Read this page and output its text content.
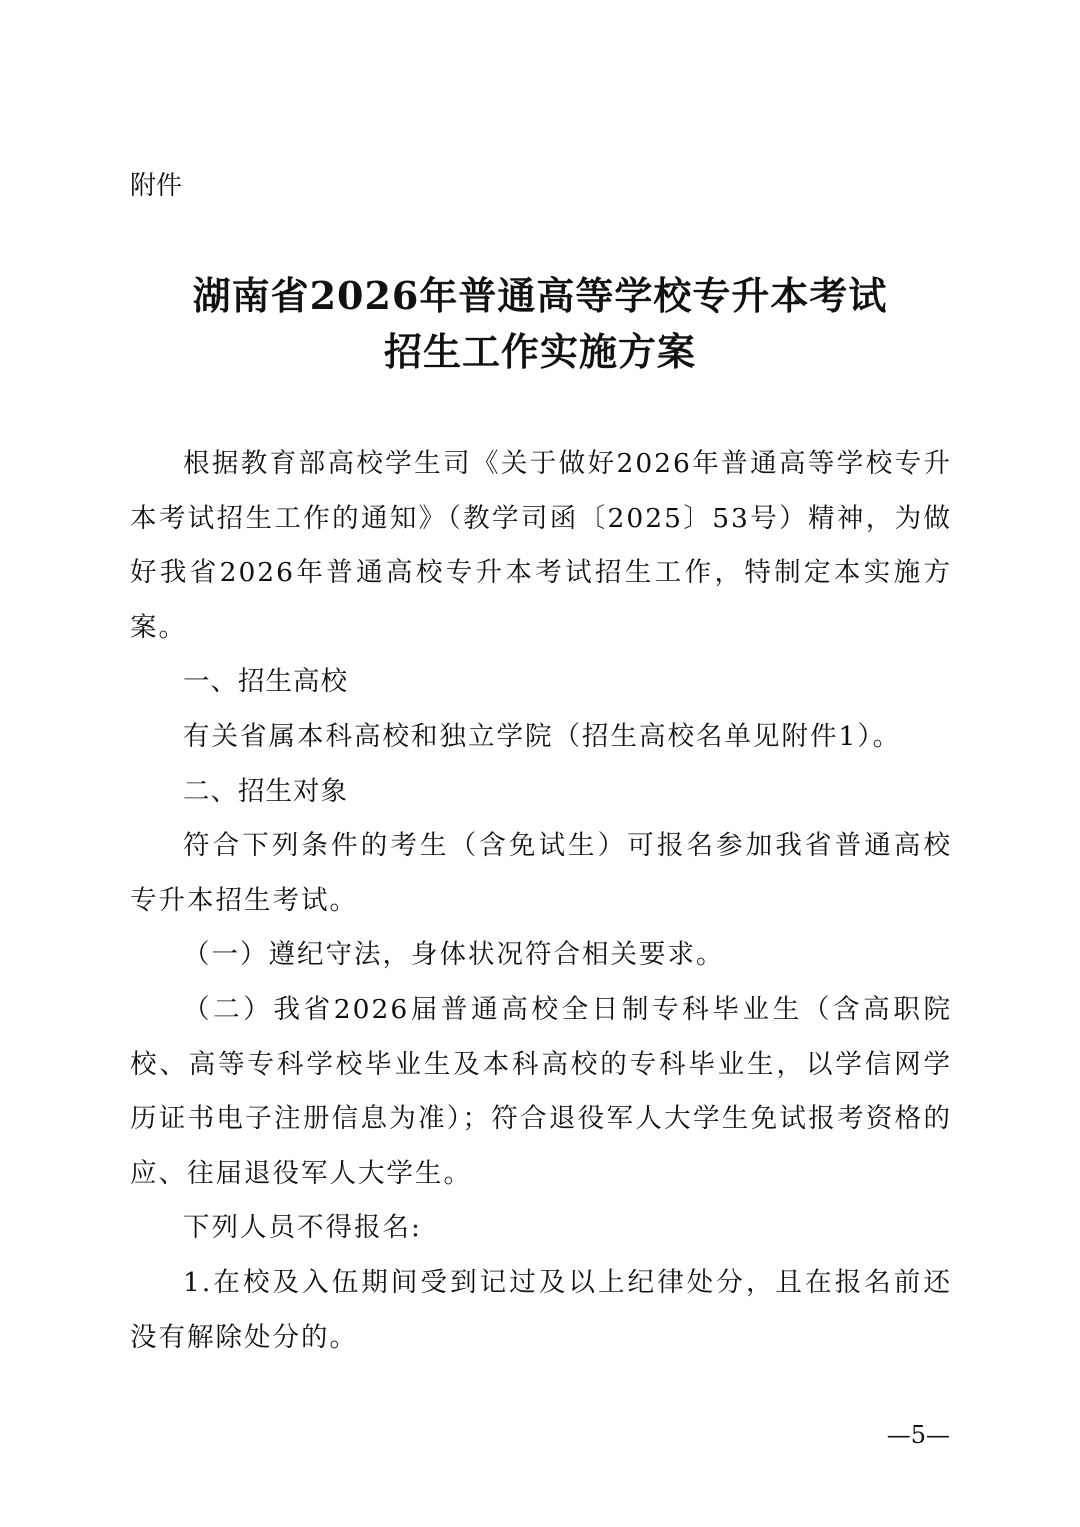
附件
湖南省2026年普通高等学校专升本考试
招生工作实施方案

根据教育部高校学生司《关于做好2026年普通高等学校专升本考试招生工作的通知》（教学司函〔2025〕53号）精神，为做好我省2026年普通高校专升本考试招生工作，特制定本实施方案。

一、招生高校

有关省属本科高校和独立学院（招生高校名单见附件1）。

二、招生对象

符合下列条件的考生（含免试生）可报名参加我省普通高校专升本招生考试。

（一）遵纪守法，身体状况符合相关要求。

（二）我省2026届普通高校全日制专科毕业生（含高职院校、高等专科学校毕业生及本科高校的专科毕业生，以学信网学历证书电子注册信息为准）；符合退役军人大学生免试报考资格的应、往届退役军人大学生。

下列人员不得报名:

1.在校及入伍期间受到记过及以上纪律处分，且在报名前还没有解除处分的。

—5—
